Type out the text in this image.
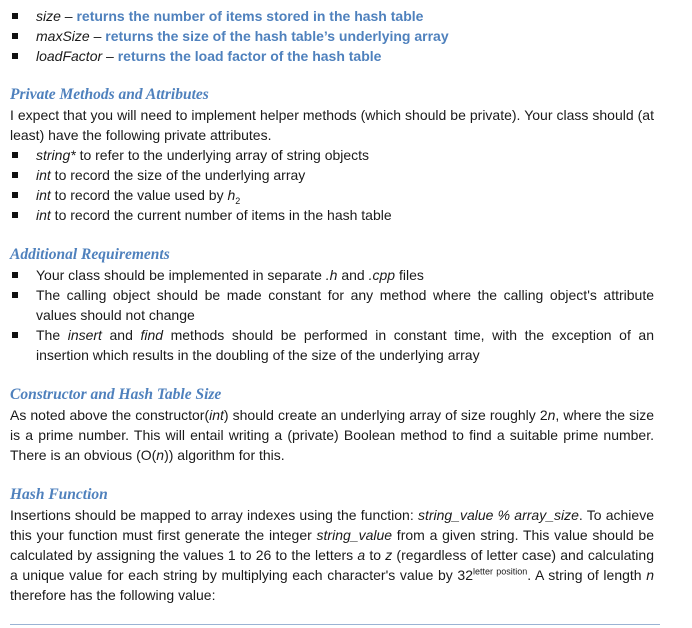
size – returns the number of items stored in the hash table

maxSize – returns the size of the hash table’s underlying array

loadFactor – returns the load factor of the hash table

Private Methods and Attributes

I expect that you will need to implement helper methods (which should be private). Your class should (at least) have the following private attributes.

string* to refer to the underlying array of string objects

int to record the size of the underlying array

int to record the value used by $h_2$

int to record the current number of items in the hash table

Additional Requirements

Your class should be implemented in separate .h and .cpp files

The calling object should be made constant for any method where the calling object's attribute values should not change

The insert and find methods should be performed in constant time, with the exception of an insertion which results in the doubling of the size of the underlying array

Constructor and Hash Table Size

As noted above the constructor(int) should create an underlying array of size roughly 2n, where the size is a prime number. This will entail writing a (private) Boolean method to find a suitable prime number. There is an obvious (O(n)) algorithm for this.

Hash Function

Insertions should be mapped to array indexes using the function: string_value % array_size. To achieve this your function must first generate the integer string_value from a given string. This value should be calculated by assigning the values 1 to 26 to the letters a to z (regardless of letter case) and calculating a unique value for each string by multiplying each character's value by $32^{letter position}$. A string of length n therefore has the following value:
